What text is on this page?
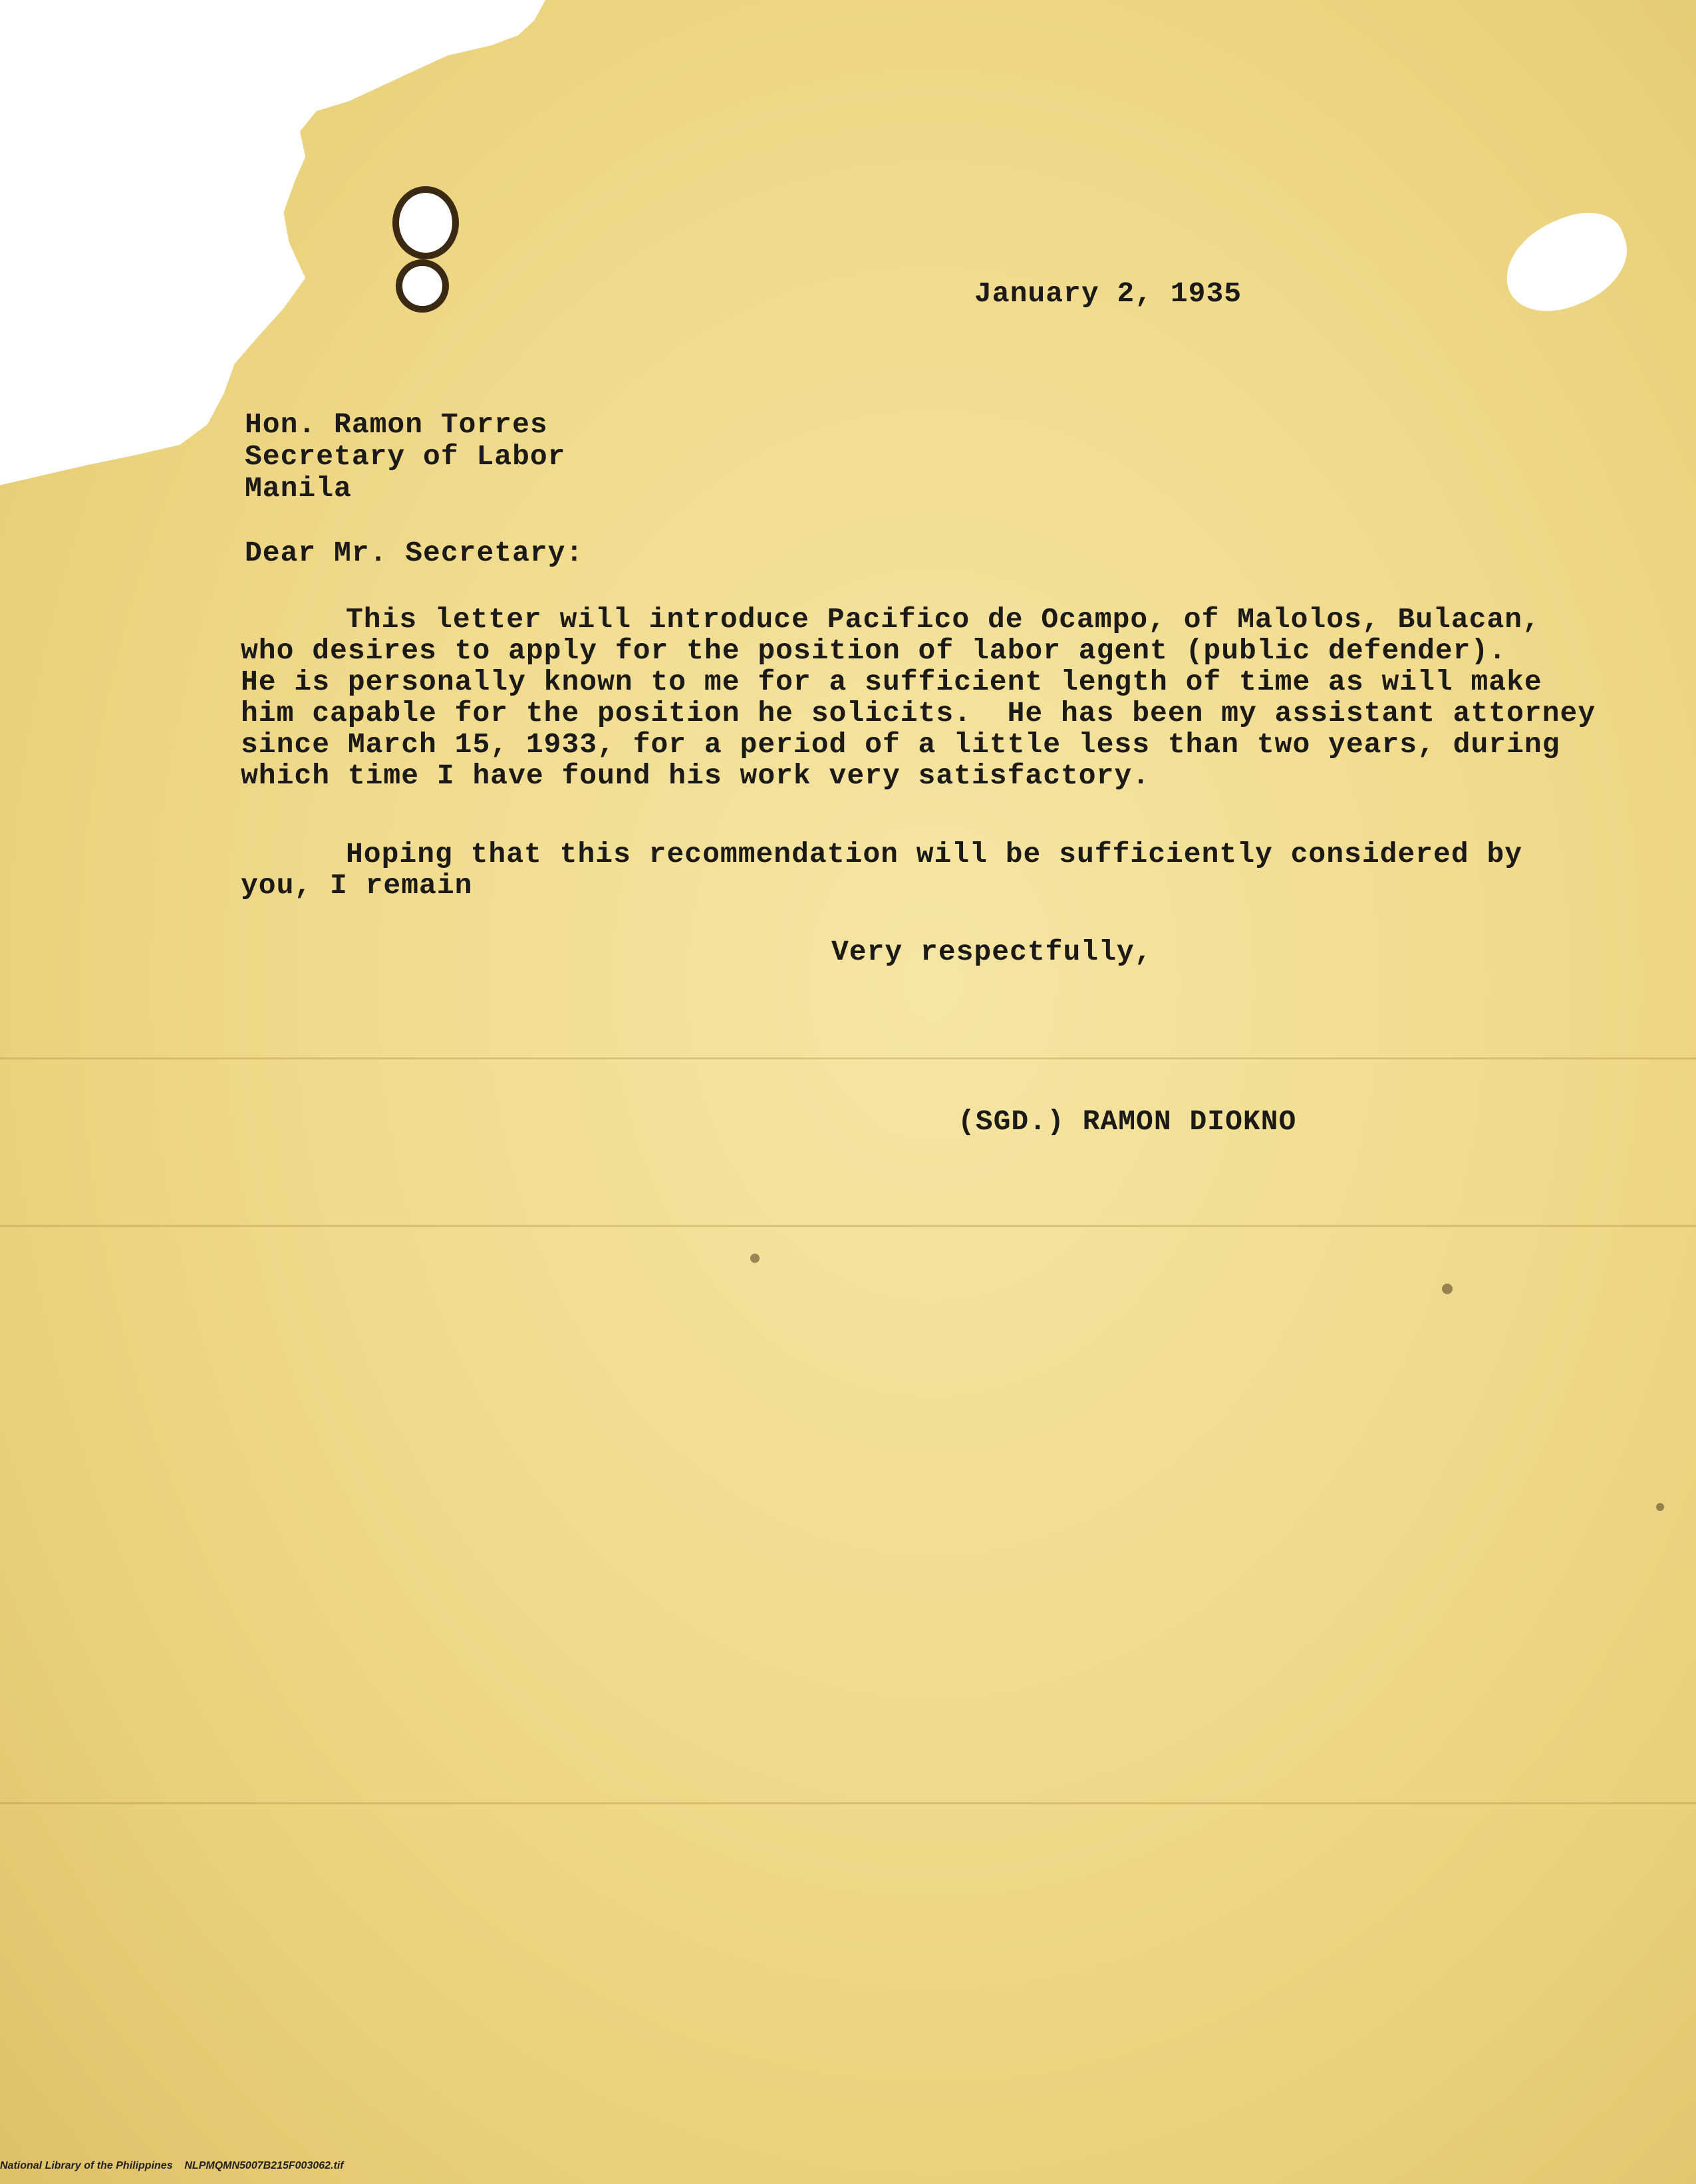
January 2, 1935
Hon. Ramon Torres
Secretary of Labor
Manila
Dear Mr. Secretary:
This letter will introduce Pacifico de Ocampo, of Malolos, Bulacan,
who desires to apply for the position of labor agent (public defender).
He is personally known to me for a sufficient length of time as will make
him capable for the position he solicits.  He has been my assistant attorney
since March 15, 1933, for a period of a little less than two years, during
which time I have found his work very satisfactory.
Hoping that this recommendation will be sufficiently considered by
you, I remain
Very respectfully,
(SGD.) RAMON DIOKNO
National Library of the Philippines NLPMQMN5007B215F003062.tif
